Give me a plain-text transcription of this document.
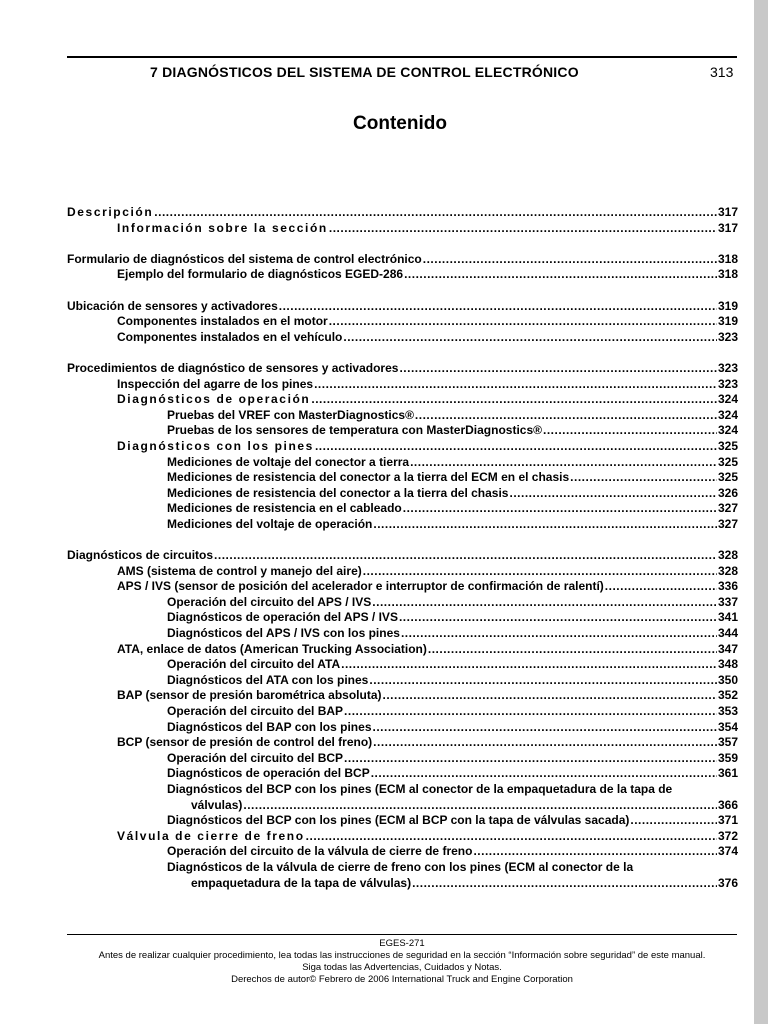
7 DIAGNÓSTICOS DEL SISTEMA DE CONTROL ELECTRÓNICO	313
Contenido
Descripción .....	317
Información sobre la sección .....	317
Formulario de diagnósticos del sistema de control electrónico .....	318
Ejemplo del formulario de diagnósticos EGED-286 .....	318
Ubicación de sensores y activadores .....	319
Componentes instalados en el motor .....	319
Componentes instalados en el vehículo .....	323
Procedimientos de diagnóstico de sensores y activadores .....	323
Inspección del agarre de los pines .....	323
Diagnósticos de operación .....	324
Pruebas del VREF con MasterDiagnostics® .....	324
Pruebas de los sensores de temperatura con MasterDiagnostics® .....	324
Diagnósticos con los pines .....	325
Mediciones de voltaje del conector a tierra .....	325
Mediciones de resistencia del conector a la tierra del ECM en el chasis .....	325
Mediciones de resistencia del conector a la tierra del chasis .....	326
Mediciones de resistencia en el cableado .....	327
Mediciones del voltaje de operación .....	327
Diagnósticos de circuitos .....	328
AMS (sistema de control y manejo del aire) .....	328
APS / IVS (sensor de posición del acelerador e interruptor de confirmación de ralentí) .....	336
Operación del circuito del APS / IVS .....	337
Diagnósticos de operación del APS / IVS .....	341
Diagnósticos del APS / IVS con los pines .....	344
ATA, enlace de datos (American Trucking Association) .....	347
Operación del circuito del ATA .....	348
Diagnósticos del ATA con los pines .....	350
BAP (sensor de presión barométrica absoluta) .....	352
Operación del circuito del BAP .....	353
Diagnósticos del BAP con los pines .....	354
BCP (sensor de presión de control del freno) .....	357
Operación del circuito del BCP .....	359
Diagnósticos de operación del BCP .....	361
Diagnósticos del BCP con los pines (ECM al conector de la empaquetadura de la tapa de
válvulas) .....	366
Diagnósticos del BCP con los pines (ECM al BCP con la tapa de válvulas sacada) .....	371
Válvula de cierre de freno .....	372
Operación del circuito de la válvula de cierre de freno .....	374
Diagnósticos de la válvula de cierre de freno con los pines (ECM al conector de la
empaquetadura de la tapa de válvulas) .....	376
EGES-271
Antes de realizar cualquier procedimiento, lea todas las instrucciones de seguridad en la sección “Información sobre seguridad” de este manual.
Siga todas las Advertencias, Cuidados y Notas.
Derechos de autor© Febrero de 2006 International Truck and Engine Corporation
